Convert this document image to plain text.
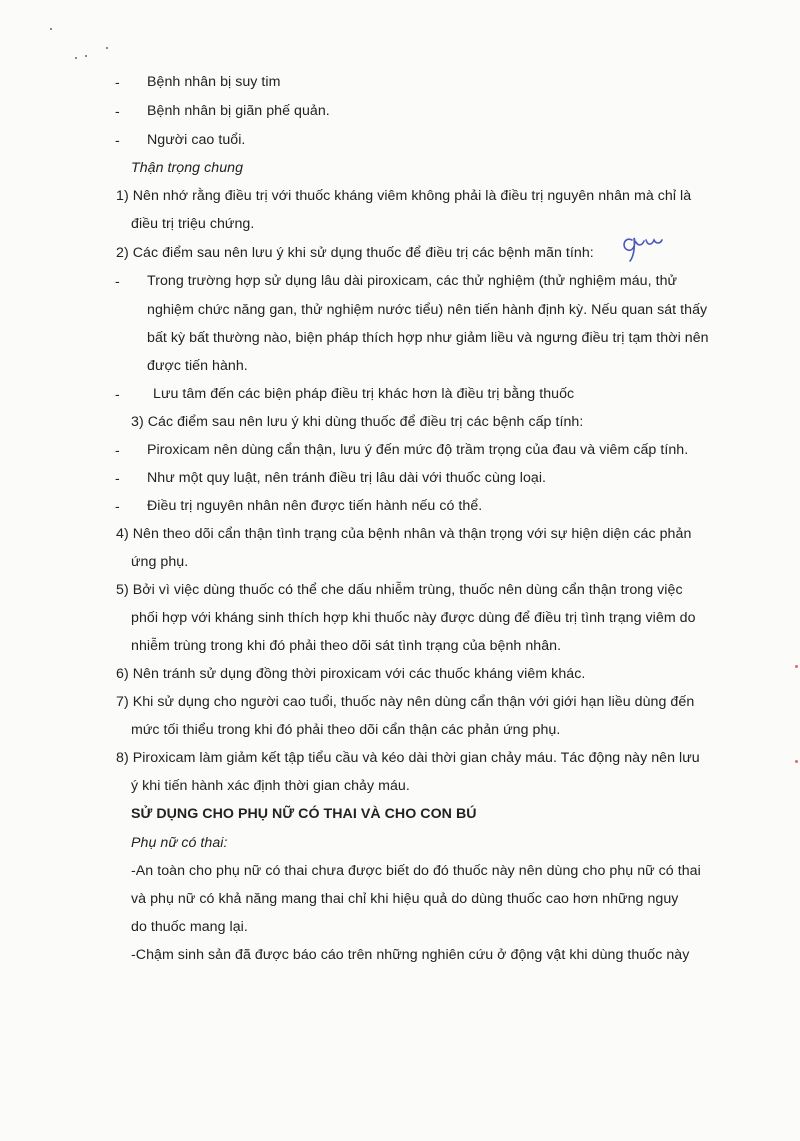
- Bệnh nhân bị suy tim
- Bệnh nhân bị giãn phế quản.
- Người cao tuổi.
Thận trọng chung
1) Nên nhớ rằng điều trị với thuốc kháng viêm không phải là điều trị nguyên nhân mà chỉ là
điều trị triệu chứng.
2) Các điểm sau nên lưu ý khi sử dụng thuốc để điều trị các bệnh mãn tính:
- Trong trường hợp sử dụng lâu dài piroxicam, các thử nghiệm (thử nghiệm máu, thử
nghiệm chức năng gan, thử nghiệm nước tiểu) nên tiến hành định kỳ. Nếu quan sát thấy
bất kỳ bất thường nào, biện pháp thích hợp như giảm liều và ngưng điều trị tạm thời nên
được tiến hành.
- Lưu tâm đến các biện pháp điều trị khác hơn là điều trị bằng thuốc
3) Các điểm sau nên lưu ý khi dùng thuốc để điều trị các bệnh cấp tính:
- Piroxicam nên dùng cẩn thận, lưu ý đến mức độ trầm trọng của đau và viêm cấp tính.
- Như một quy luật, nên tránh điều trị lâu dài với thuốc cùng loại.
- Điều trị nguyên nhân nên được tiến hành nếu có thể.
4) Nên theo dõi cẩn thận tình trạng của bệnh nhân và thận trọng với sự hiện diện các phản
ứng phụ.
5) Bởi vì việc dùng thuốc có thể che dấu nhiễm trùng, thuốc nên dùng cẩn thận trong việc
phối hợp với kháng sinh thích hợp khi thuốc này được dùng để điều trị tình trạng viêm do
nhiễm trùng trong khi đó phải theo dõi sát tình trạng của bệnh nhân.
6) Nên tránh sử dụng đồng thời piroxicam với các thuốc kháng viêm khác.
7) Khi sử dụng cho người cao tuổi, thuốc này nên dùng cẩn thận với giới hạn liều dùng đến
mức tối thiểu trong khi đó phải theo dõi cẩn thận các phản ứng phụ.
8) Piroxicam làm giảm kết tập tiểu cầu và kéo dài thời gian chảy máu. Tác động này nên lưu
ý khi tiến hành xác định thời gian chảy máu.
SỬ DỤNG CHO PHỤ NỮ CÓ THAI VÀ CHO CON BÚ
Phụ nữ có thai:
-An toàn cho phụ nữ có thai chưa được biết do đó thuốc này nên dùng cho phụ nữ có thai
và phụ nữ có khả năng mang thai chỉ khi hiệu quả do dùng thuốc cao hơn những nguy
do thuốc mang lại.
-Chậm sinh sản đã được báo cáo trên những nghiên cứu ở động vật khi dùng thuốc này
